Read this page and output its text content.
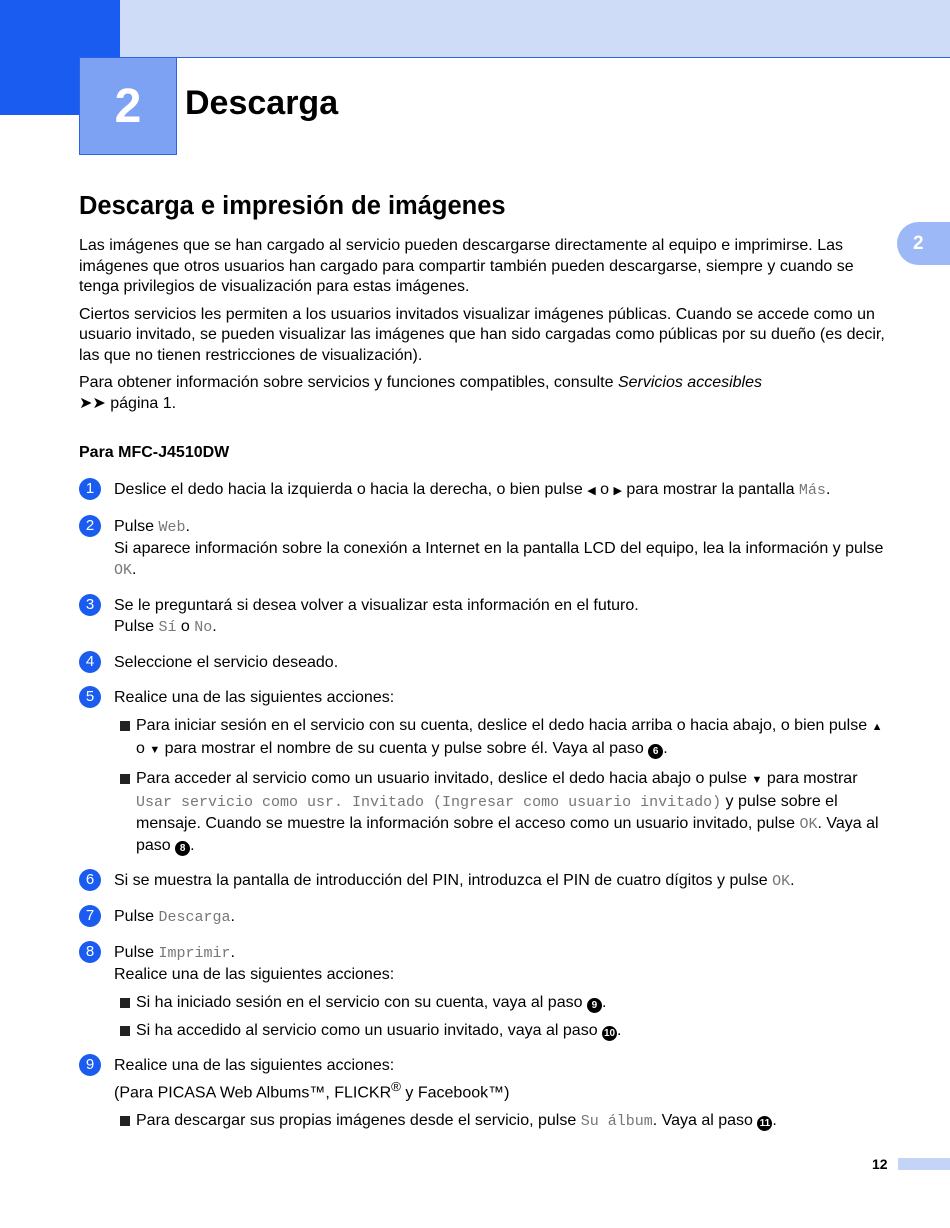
2 Descarga
2
Descarga e impresión de imágenes

Las imágenes que se han cargado al servicio pueden descargarse directamente al equipo e imprimirse. Las imágenes que otros usuarios han cargado para compartir también pueden descargarse, siempre y cuando se tenga privilegios de visualización para estas imágenes.

Ciertos servicios les permiten a los usuarios invitados visualizar imágenes públicas. Cuando se accede como un usuario invitado, se pueden visualizar las imágenes que han sido cargadas como públicas por su dueño (es decir, las que no tienen restricciones de visualización).

Para obtener información sobre servicios y funciones compatibles, consulte Servicios accesibles
➤➤ página 1.

Para MFC-J4510DW
1	Deslice el dedo hacia la izquierda o hacia la derecha, o bien pulse ◀ o ▶ para mostrar la pantalla Más.
2	Pulse Web.
Si aparece información sobre la conexión a Internet en la pantalla LCD del equipo, lea la información y pulse OK.
3	Se le preguntará si desea volver a visualizar esta información en el futuro.
Pulse Sí o No.
4	Seleccione el servicio deseado.
5	Realice una de las siguientes acciones:
Para iniciar sesión en el servicio con su cuenta, deslice el dedo hacia arriba o hacia abajo, o bien pulse ▲ o ▼ para mostrar el nombre de su cuenta y pulse sobre él. Vaya al paso 6 .
Para acceder al servicio como un usuario invitado, deslice el dedo hacia abajo o pulse ▼ para mostrar
Usar servicio como usr. Invitado (Ingresar como usuario invitado) y pulse sobre el mensaje. Cuando se muestre la información sobre el acceso como un usuario invitado, pulse OK. Vaya al paso 8 .
6	Si se muestra la pantalla de introducción del PIN, introduzca el PIN de cuatro dígitos y pulse OK.
7	Pulse Descarga.
8	Pulse Imprimir.
Realice una de las siguientes acciones:
Si ha iniciado sesión en el servicio con su cuenta, vaya al paso 9 .
Si ha accedido al servicio como un usuario invitado, vaya al paso 10 .
9	Realice una de las siguientes acciones:
(Para PICASA Web Albums™, FLICKR® y Facebook™)
Para descargar sus propias imágenes desde el servicio, pulse Su álbum. Vaya al paso 11 .
12
